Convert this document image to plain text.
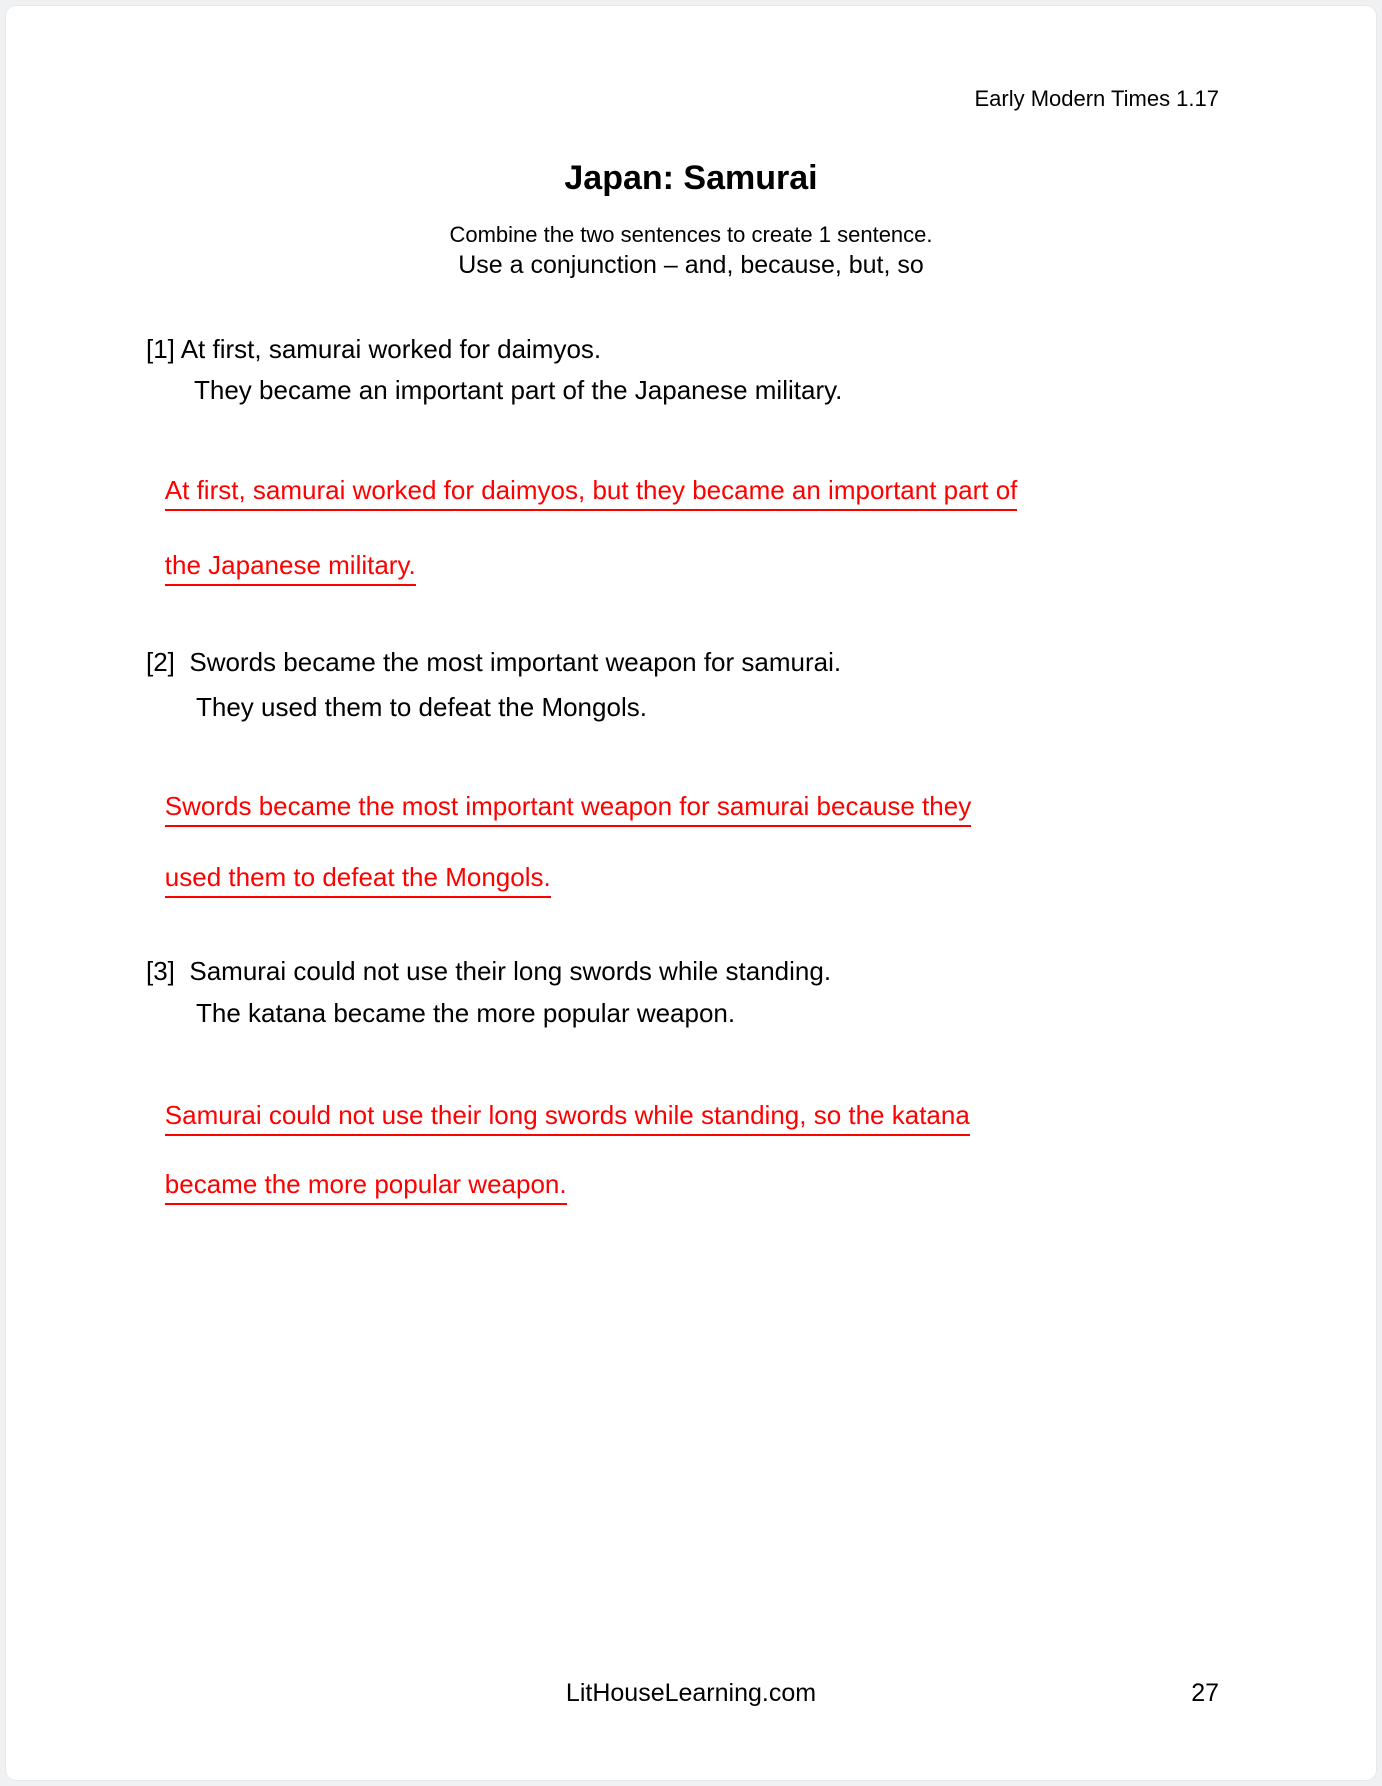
Early Modern Times 1.17
Japan: Samurai
Combine the two sentences to create 1 sentence.
Use a conjunction – and, because, but, so
[1] At first, samurai worked for daimyos.
They became an important part of the Japanese military.

At first, samurai worked for daimyos, but they became an important part of

the Japanese military.

[2]  Swords became the most important weapon for samurai.
They used them to defeat the Mongols.

Swords became the most important weapon for samurai because they

used them to defeat the Mongols.

[3]  Samurai could not use their long swords while standing.
The katana became the more popular weapon.

Samurai could not use their long swords while standing, so the katana

became the more popular weapon.

LitHouseLearning.com	27
